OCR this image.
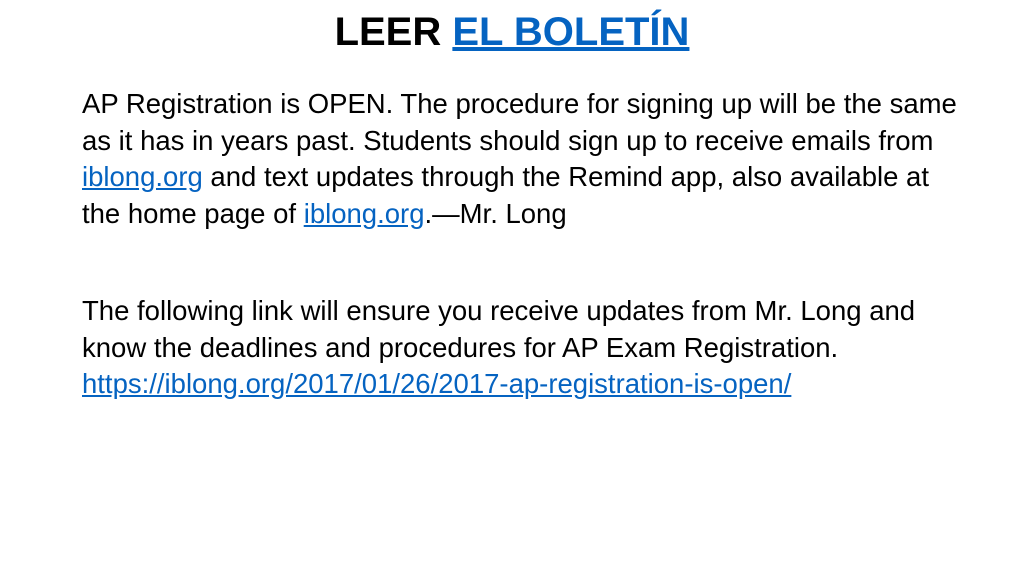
LEER EL BOLETÍN
AP Registration is OPEN. The procedure for signing up will be the same as it has in years past. Students should sign up to receive emails from iblong.org and text updates through the Remind app, also available at the home page of iblong.org.—Mr. Long
The following link will ensure you receive updates from Mr. Long and know the deadlines and procedures for AP Exam Registration.
https://iblong.org/2017/01/26/2017-ap-registration-is-open/
